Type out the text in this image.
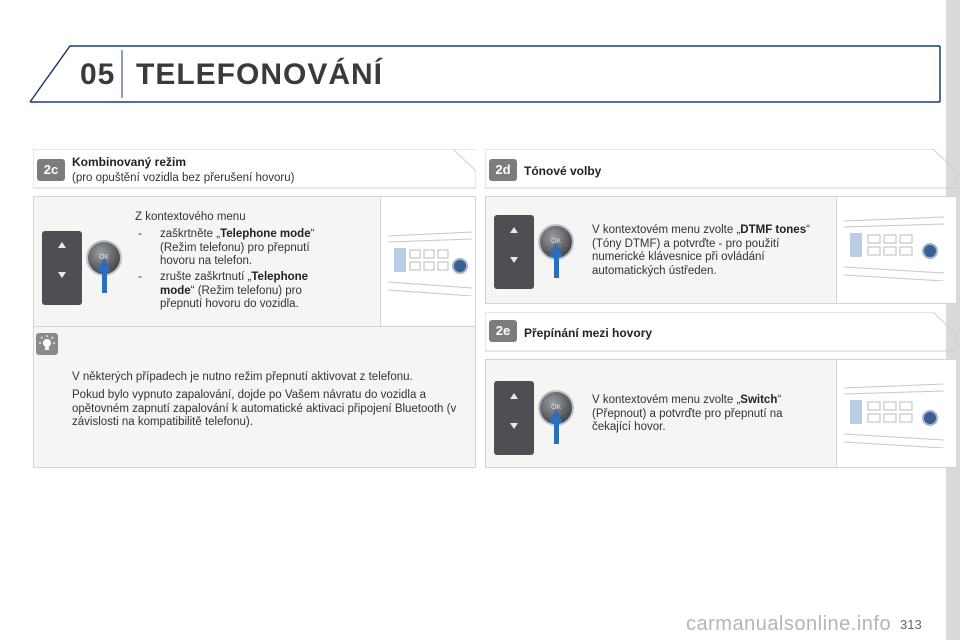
05 TELEFONOVÁNÍ
2c	Kombinovaný režim
(pro opuštění vozidla bez přerušení hovoru)
OK
Z kontextového menu
- zaškrtněte „Telephone mode“ (Režim telefonu) pro přepnutí hovoru na telefon.
- zrušte zaškrtnutí „Telephone mode“ (Režim telefonu) pro přepnutí hovoru do vozidla.
V některých případech je nutno režim přepnutí aktivovat z telefonu.
Pokud bylo vypnuto zapalování, dojde po Vašem návratu do vozidla a opětovném zapnutí zapalování k automatické aktivaci připojení Bluetooth (v závislosti na kompatibilitě telefonu).
2d	Tónové volby
OK
V kontextovém menu zvolte „DTMF tones“ (Tóny DTMF) a potvrďte - pro použití numerické klávesnice při ovládání automatických ústředen.
2e	Přepínání mezi hovory
OK
V kontextovém menu zvolte „Switch“ (Přepnout) a potvrďte pro přepnutí na čekající hovor.
carmanualsonline.info 313
